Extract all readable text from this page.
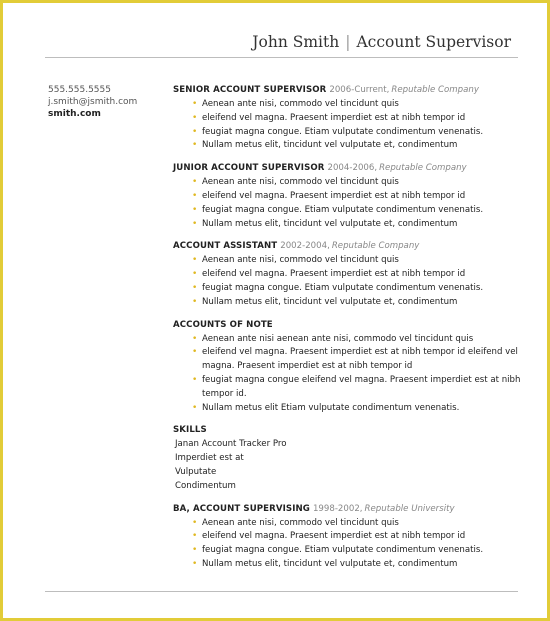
John Smith | Account Supervisor
555.555.5555
j.smith@jsmith.com
smith.com
SENIOR ACCOUNT SUPERVISOR 2006-Current, Reputable Company
• Aenean ante nisi, commodo vel tincidunt quis
• eleifend vel magna. Praesent imperdiet est at nibh tempor id
• feugiat magna congue. Etiam vulputate condimentum venenatis.
• Nullam metus elit, tincidunt vel vulputate et, condimentum
JUNIOR ACCOUNT SUPERVISOR 2004-2006, Reputable Company
• Aenean ante nisi, commodo vel tincidunt quis
• eleifend vel magna. Praesent imperdiet est at nibh tempor id
• feugiat magna congue. Etiam vulputate condimentum venenatis.
• Nullam metus elit, tincidunt vel vulputate et, condimentum
ACCOUNT ASSISTANT 2002-2004, Reputable Company
• Aenean ante nisi, commodo vel tincidunt quis
• eleifend vel magna. Praesent imperdiet est at nibh tempor id
• feugiat magna congue. Etiam vulputate condimentum venenatis.
• Nullam metus elit, tincidunt vel vulputate et, condimentum
ACCOUNTS OF NOTE
• Aenean ante nisi aenean ante nisi, commodo vel tincidunt quis
• eleifend vel magna. Praesent imperdiet est at nibh tempor id eleifend vel magna. Praesent imperdiet est at nibh tempor id
• feugiat magna congue eleifend vel magna. Praesent imperdiet est at nibh tempor id.
• Nullam metus elit Etiam vulputate condimentum venenatis.
SKILLS
Janan Account Tracker Pro
Imperdiet est at
Vulputate
Condimentum
BA, ACCOUNT SUPERVISING 1998-2002, Reputable University
• Aenean ante nisi, commodo vel tincidunt quis
• eleifend vel magna. Praesent imperdiet est at nibh tempor id
• feugiat magna congue. Etiam vulputate condimentum venenatis.
• Nullam metus elit, tincidunt vel vulputate et, condimentum
